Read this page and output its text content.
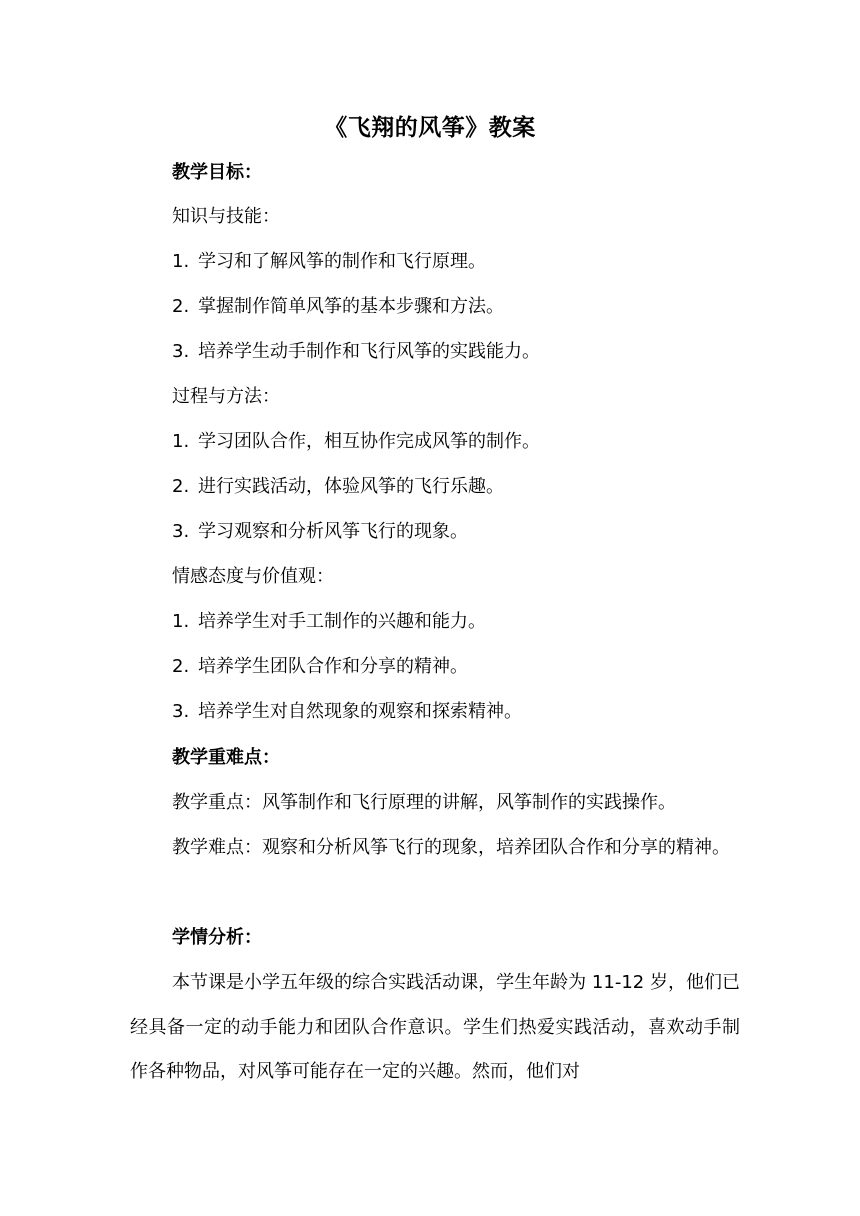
《飞翔的风筝》教案
教学目标：
知识与技能：
1. 学习和了解风筝的制作和飞行原理。
2. 掌握制作简单风筝的基本步骤和方法。
3. 培养学生动手制作和飞行风筝的实践能力。
过程与方法：
1. 学习团队合作，相互协作完成风筝的制作。
2. 进行实践活动，体验风筝的飞行乐趣。
3. 学习观察和分析风筝飞行的现象。
情感态度与价值观：
1. 培养学生对手工制作的兴趣和能力。
2. 培养学生团队合作和分享的精神。
3. 培养学生对自然现象的观察和探索精神。
教学重难点：
教学重点：风筝制作和飞行原理的讲解，风筝制作的实践操作。

教学难点：观察和分析风筝飞行的现象，培养团队合作和分享的精神。

学情分析：

本节课是小学五年级的综合实践活动课，学生年龄为 11-12 岁，他们已经具备一定的动手能力和团队合作意识。学生们热爱实践活动，喜欢动手制作各种物品，对风筝可能存在一定的兴趣。然而，他们对
